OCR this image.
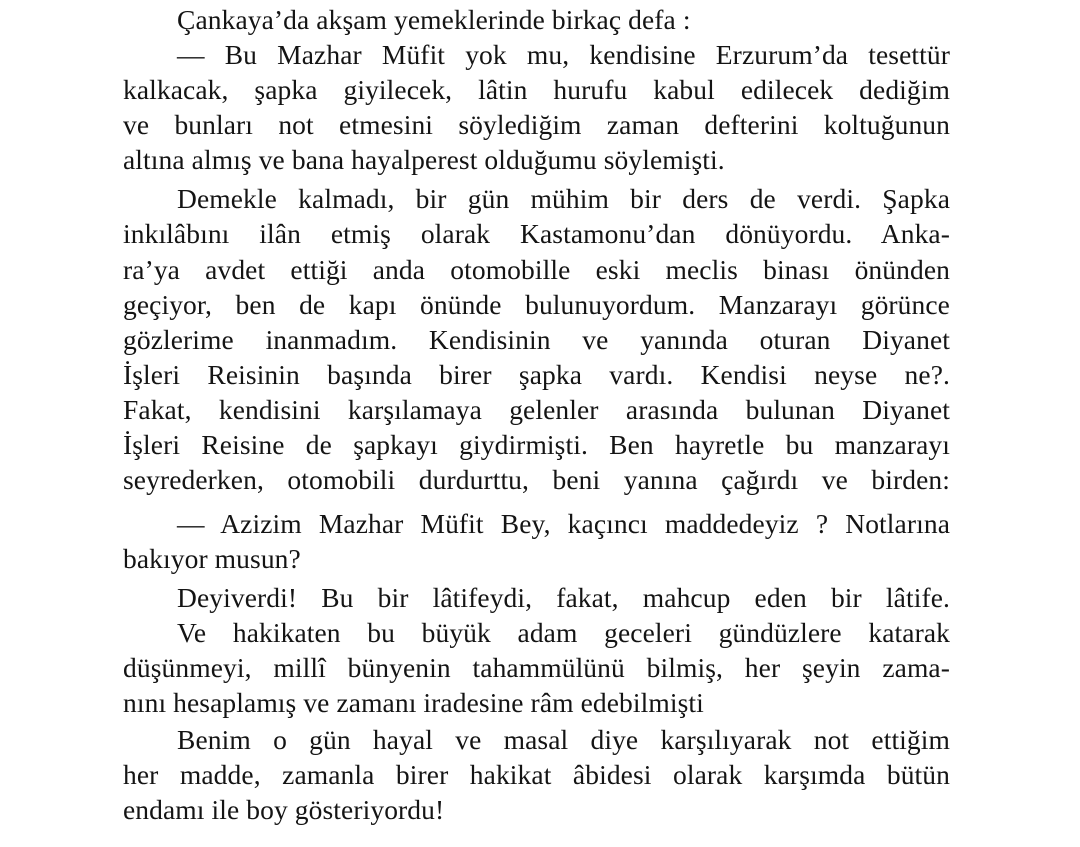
Çankaya’da akşam yemeklerinde birkaç defa :
— Bu Mazhar Müfit yok mu, kendisine Erzurum’da tesettür
kalkacak, şapka giyilecek, lâtin hurufu kabul edilecek dediğim
ve bunları not etmesini söylediğim zaman defterini koltuğunun
altına almış ve bana hayalperest olduğumu söylemişti.
Demekle kalmadı, bir gün mühim bir ders de verdi. Şapka
inkılâbını ilân etmiş olarak Kastamonu’dan dönüyordu. Anka-
ra’ya avdet ettiği anda otomobille eski meclis binası önünden
geçiyor, ben de kapı önünde bulunuyordum. Manzarayı görünce
gözlerime inanmadım. Kendisinin ve yanında oturan Diyanet
İşleri Reisinin başında birer şapka vardı. Kendisi neyse ne?.
Fakat, kendisini karşılamaya gelenler arasında bulunan Diyanet
İşleri Reisine de şapkayı giydirmişti. Ben hayretle bu manzarayı
seyrederken, otomobili durdurttu, beni yanına çağırdı ve birden:
— Azizim Mazhar Müfit Bey, kaçıncı maddedeyiz ? Notlarına
bakıyor musun?
Deyiverdi! Bu bir lâtifeydi, fakat, mahcup eden bir lâtife.
Ve hakikaten bu büyük adam geceleri gündüzlere katarak
düşünmeyi, millî bünyenin tahammülünü bilmiş, her şeyin zama-
nını hesaplamış ve zamanı iradesine râm edebilmişti
Benim o gün hayal ve masal diye karşılıyarak not ettiğim
her madde, zamanla birer hakikat âbidesi olarak karşımda bütün
endamı ile boy gösteriyordu!
